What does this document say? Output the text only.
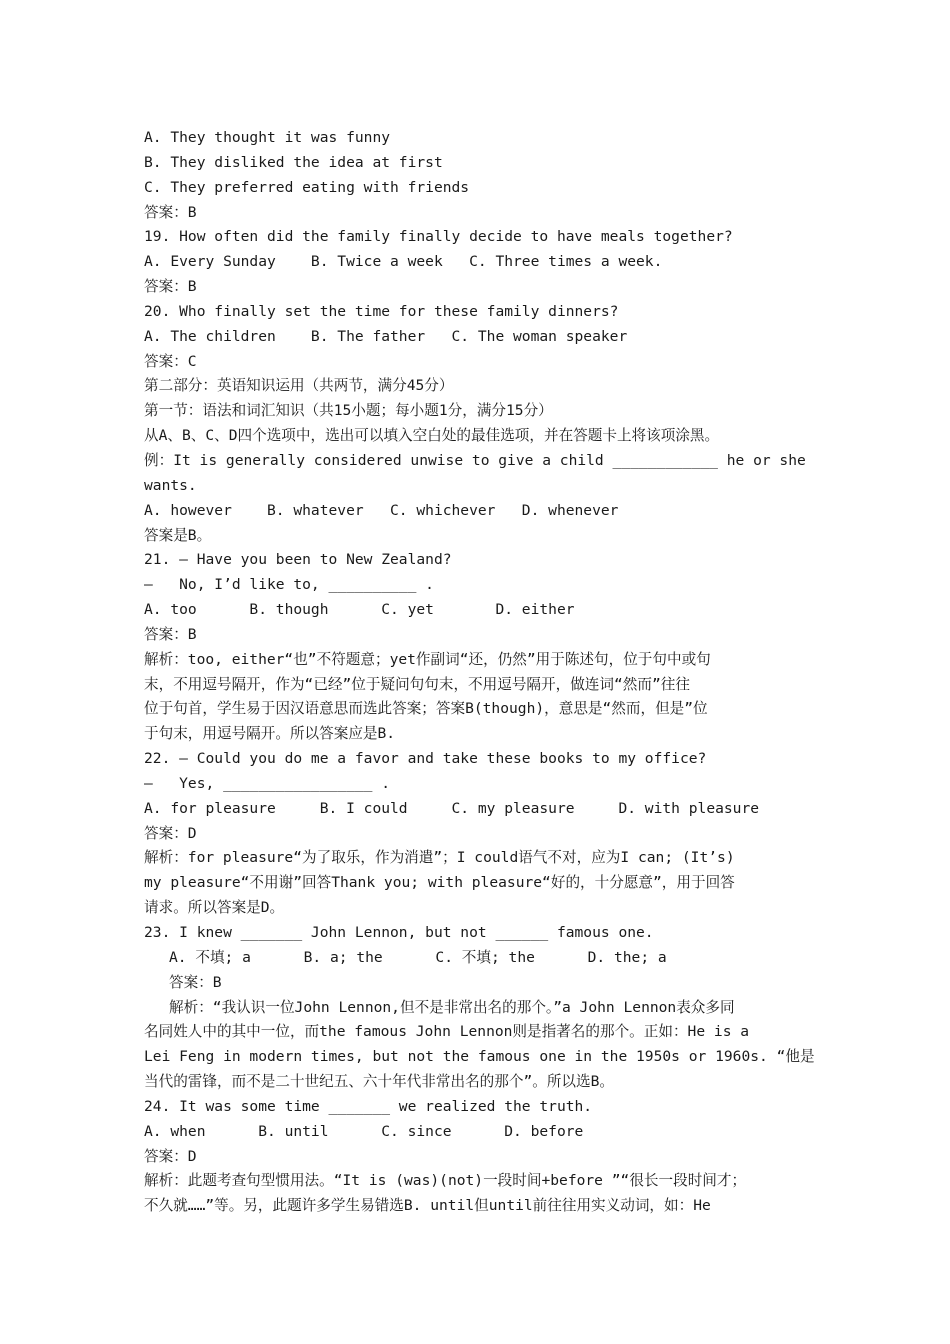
A. They thought it was funny
B. They disliked the idea at first
C. They preferred eating with friends
答案：B
19. How often did the family finally decide to have meals together?
A. Every Sunday    B. Twice a week   C. Three times a week.
答案：B
20. Who finally set the time for these family dinners?
A. The children    B. The father   C. The woman speaker
答案：C
第二部分：英语知识运用（共两节，满分45分）
第一节：语法和词汇知识（共15小题；每小题1分，满分15分）
从A、B、C、D四个选项中，选出可以填入空白处的最佳选项，并在答题卡上将该项涂黑。
例：It is generally considered unwise to give a child ____________ he or she
wants.
A. however    B. whatever   C. whichever   D. whenever
答案是B。
21. – Have you been to New Zealand?
–   No, I’d like to, __________ .
A. too      B. though      C. yet       D. either
答案：B
解析：too, either“也”不符题意；yet作副词“还，仍然”用于陈述句，位于句中或句
末，不用逗号隔开，作为“已经”位于疑问句句末，不用逗号隔开，做连词“然而”往往
位于句首，学生易于因汉语意思而选此答案；答案B(though)，意思是“然而，但是”位
于句末，用逗号隔开。所以答案应是B.
22. – Could you do me a favor and take these books to my office?
–   Yes, _________________ .
A. for pleasure     B. I could     C. my pleasure     D. with pleasure
答案：D
解析：for pleasure“为了取乐，作为消遣”；I could语气不对，应为I can; (It’s)
my pleasure“不用谢”回答Thank you; with pleasure“好的，十分愿意”，用于回答
请求。所以答案是D。
23. I knew _______ John Lennon, but not ______ famous one.
A. 不填; a      B. a; the      C. 不填; the      D. the; a
答案：B
解析：“我认识一位John Lennon,但不是非常出名的那个。”a John Lennon表众多同
名同姓人中的其中一位，而the famous John Lennon则是指著名的那个。正如：He is a
Lei Feng in modern times, but not the famous one in the 1950s or 1960s. “他是
当代的雷锋，而不是二十世纪五、六十年代非常出名的那个”。所以选B。
24. It was some time _______ we realized the truth.
A. when      B. until      C. since      D. before
答案：D
解析：此题考查句型惯用法。“It is (was)(not)一段时间+before ”“很长一段时间才；
不久就……”等。另，此题许多学生易错选B. until但until前往往用实义动词，如：He
